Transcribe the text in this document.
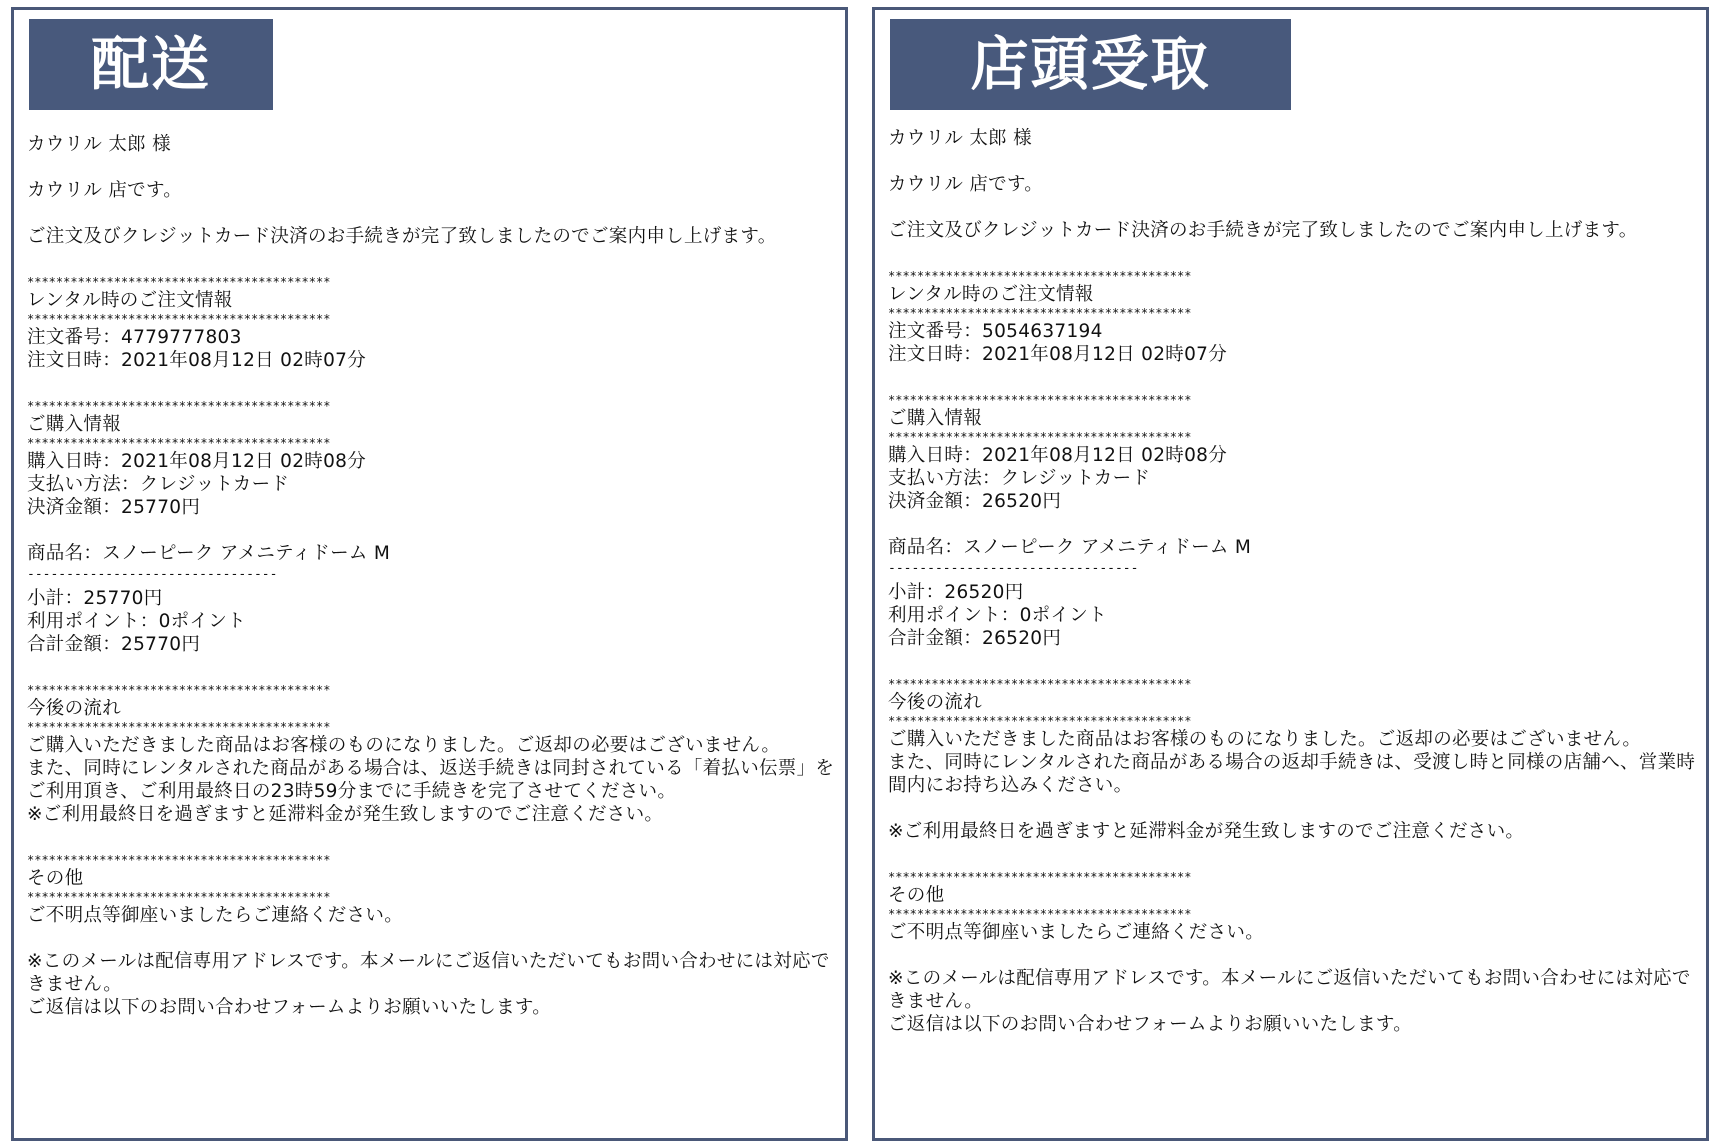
配送
カウリル 太郎 様
カウリル 店です。
ご注文及びクレジットカード決済のお手続きが完了致しましたのでご案内申し上げます。
******************************************
レンタル時のご注文情報
******************************************
注文番号：4779777803
注文日時：2021年08月12日 02時07分
******************************************
ご購入情報
******************************************
購入日時：2021年08月12日 02時08分
支払い方法：クレジットカード
決済金額：25770円
商品名：スノーピーク アメニティドーム M
--------------------------------
小計：25770円
利用ポイント：0ポイント
合計金額：25770円
******************************************
今後の流れ
******************************************
ご購入いただきました商品はお客様のものになりました。ご返却の必要はございません。
また、同時にレンタルされた商品がある場合は、返送手続きは同封されている「着払い伝票」をご利用頂き、ご利用最終日の23時59分までに手続きを完了させてください。
※ご利用最終日を過ぎますと延滞料金が発生致しますのでご注意ください。
******************************************
その他
******************************************
ご不明点等御座いましたらご連絡ください。
※このメールは配信専用アドレスです。本メールにご返信いただいてもお問い合わせには対応できません。
ご返信は以下のお問い合わせフォームよりお願いいたします。
店頭受取
カウリル 太郎 様
カウリル 店です。
ご注文及びクレジットカード決済のお手続きが完了致しましたのでご案内申し上げます。
******************************************
レンタル時のご注文情報
******************************************
注文番号：5054637194
注文日時：2021年08月12日 02時07分
******************************************
ご購入情報
******************************************
購入日時：2021年08月12日 02時08分
支払い方法：クレジットカード
決済金額：26520円
商品名：スノーピーク アメニティドーム M
--------------------------------
小計：26520円
利用ポイント：0ポイント
合計金額：26520円
******************************************
今後の流れ
******************************************
ご購入いただきました商品はお客様のものになりました。ご返却の必要はございません。
また、同時にレンタルされた商品がある場合の返却手続きは、受渡し時と同様の店舗へ、営業時間内にお持ち込みください。
※ご利用最終日を過ぎますと延滞料金が発生致しますのでご注意ください。
******************************************
その他
******************************************
ご不明点等御座いましたらご連絡ください。
※このメールは配信専用アドレスです。本メールにご返信いただいてもお問い合わせには対応できません。
ご返信は以下のお問い合わせフォームよりお願いいたします。
